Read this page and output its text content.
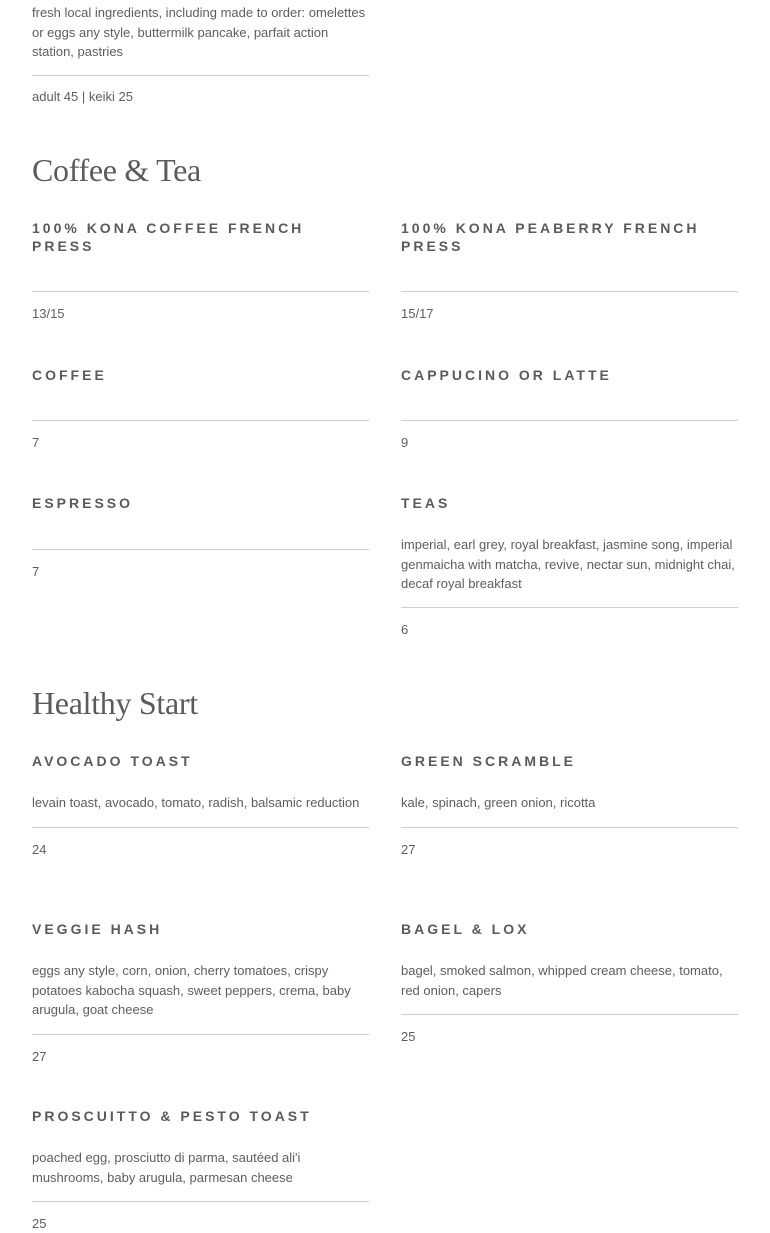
fresh local ingredients, including made to order: omelettes or eggs any style, buttermilk pancake, parfait action station, pastries
adult 45 | keiki 25
Coffee & Tea
100% KONA COFFEE FRENCH PRESS
13/15
100% KONA PEABERRY FRENCH PRESS
15/17
COFFEE
7
CAPPUCINO OR LATTE
9
ESPRESSO
7
TEAS
imperial, earl grey, royal breakfast, jasmine song, imperial genmaicha with matcha, revive, nectar sun, midnight chai, decaf royal breakfast
6
Healthy Start
AVOCADO TOAST
levain toast, avocado, tomato, radish, balsamic reduction
24
GREEN SCRAMBLE
kale, spinach, green onion, ricotta
27
VEGGIE HASH
eggs any style, corn, onion, cherry tomatoes, crispy potatoes kabocha squash, sweet peppers, crema, baby arugula, goat cheese
27
BAGEL & LOX
bagel, smoked salmon, whipped cream cheese, tomato, red onion, capers
25
PROSCUITTO & PESTO TOAST
poached egg, prosciutto di parma, sautéed ali'i mushrooms, baby arugula, parmesan cheese
25
